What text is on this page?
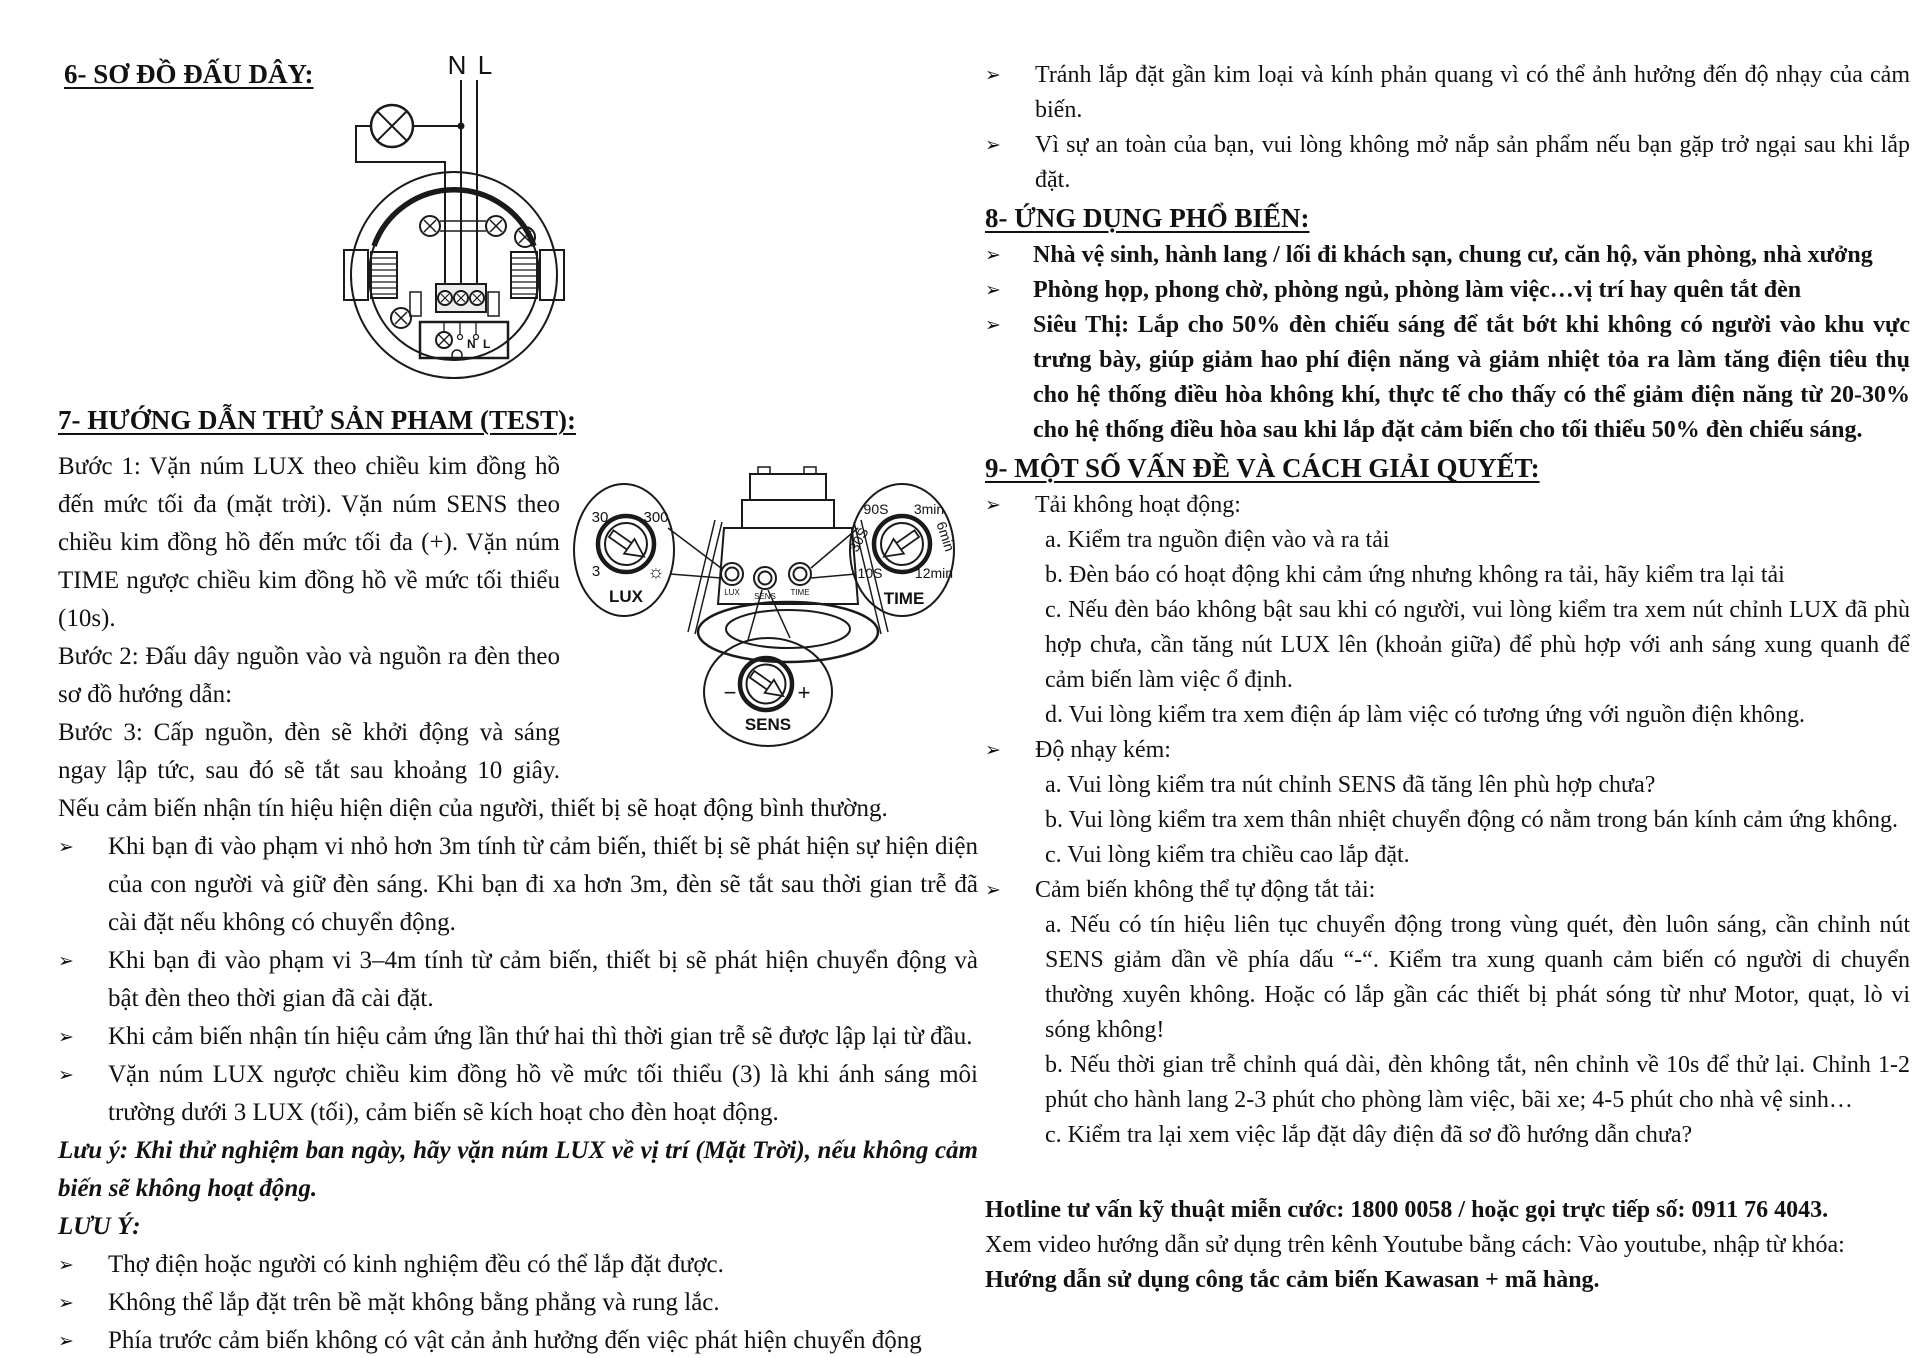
6- SƠ ĐỒ ĐẤU DÂY:	N L
N L
7- HƯỚNG DẪN THỬ SẢN PHAM (TEST):
LUX SENS TIME
30 300
3 ☼
LUX
90S 3min
30S	6min
10S 12min
TIME
−	+
SENS

Bước 1: Vặn núm LUX theo chiều kim đồng hồ đến mức tối đa (mặt trời). Vặn núm SENS theo chiều kim đồng hồ đến mức tối đa (+). Vặn núm TIME ngược chiều kim đồng hồ về mức tối thiểu (10s).

Bước 2: Đấu dây nguồn vào và nguồn ra đèn theo sơ đồ hướng dẫn:

Bước 3: Cấp nguồn, đèn sẽ khởi động và sáng ngay lập tức, sau đó sẽ tắt sau khoảng 10 giây. Nếu cảm biến nhận tín hiệu hiện diện của người, thiết bị sẽ hoạt động bình thường.

➢ Khi bạn đi vào phạm vi nhỏ hơn 3m tính từ cảm biến, thiết bị sẽ phát hiện sự hiện diện của con người và giữ đèn sáng. Khi bạn đi xa hơn 3m, đèn sẽ tắt sau thời gian trễ đã cài đặt nếu không có chuyển động.
➢ Khi bạn đi vào phạm vi 3–4m tính từ cảm biến, thiết bị sẽ phát hiện chuyển động và bật đèn theo thời gian đã cài đặt.
➢ Khi cảm biến nhận tín hiệu cảm ứng lần thứ hai thì thời gian trễ sẽ được lập lại từ đầu.
➢ Vặn núm LUX ngược chiều kim đồng hồ về mức tối thiểu (3) là khi ánh sáng môi trường dưới 3 LUX (tối), cảm biến sẽ kích hoạt cho đèn hoạt động.

Lưu ý: Khi thử nghiệm ban ngày, hãy vặn núm LUX về vị trí (Mặt Trời), nếu không cảm biến sẽ không hoạt động.

LƯU Ý:

➢ Thợ điện hoặc người có kinh nghiệm đều có thể lắp đặt được.
➢ Không thể lắp đặt trên bề mặt không bằng phẳng và rung lắc.
➢ Phía trước cảm biến không có vật cản ảnh hưởng đến việc phát hiện chuyển động
➢ Tránh lắp đặt gần kim loại và kính phản quang vì có thể ảnh hưởng đến độ nhạy của cảm biến.
➢ Vì sự an toàn của bạn, vui lòng không mở nắp sản phẩm nếu bạn gặp trở ngại sau khi lắp đặt.
8- ỨNG DỤNG PHỔ BIẾN:
➢ Nhà vệ sinh, hành lang / lối đi khách sạn, chung cư, căn hộ, văn phòng, nhà xưởng
➢ Phòng họp, phong chờ, phòng ngủ, phòng làm việc…vị trí hay quên tắt đèn
➢ Siêu Thị: Lắp cho 50% đèn chiếu sáng để tắt bớt khi không có người vào khu vực trưng bày, giúp giảm hao phí điện năng và giảm nhiệt tỏa ra làm tăng điện tiêu thụ cho hệ thống điều hòa không khí, thực tế cho thấy có thể giảm điện năng từ 20-30% cho hệ thống điều hòa sau khi lắp đặt cảm biến cho tối thiểu 50% đèn chiếu sáng.
9- MỘT SỐ VẤN ĐỀ VÀ CÁCH GIẢI QUYẾT:
➢ Tải không hoạt động:

a. Kiểm tra nguồn điện vào và ra tải

b. Đèn báo có hoạt động khi cảm ứng nhưng không ra tải, hãy kiểm tra lại tải

c. Nếu đèn báo không bật sau khi có người, vui lòng kiểm tra xem nút chỉnh LUX đã phù hợp chưa, cần tăng nút LUX lên (khoản giữa) để phù hợp với anh sáng xung quanh để cảm biến làm việc ổ định.

d. Vui lòng kiểm tra xem điện áp làm việc có tương ứng với nguồn điện không.

➢ Độ nhạy kém:

a. Vui lòng kiểm tra nút chỉnh SENS đã tăng lên phù hợp chưa?

b. Vui lòng kiểm tra xem thân nhiệt chuyển động có nằm trong bán kính cảm ứng không.

c. Vui lòng kiểm tra chiều cao lắp đặt.

➢ Cảm biến không thể tự động tắt tải:

a. Nếu có tín hiệu liên tục chuyển động trong vùng quét, đèn luôn sáng, cần chỉnh nút SENS giảm dần về phía dấu “-“. Kiểm tra xung quanh cảm biến có người di chuyển thường xuyên không. Hoặc có lắp gần các thiết bị phát sóng từ như Motor, quạt, lò vi sóng không!

b. Nếu thời gian trễ chỉnh quá dài, đèn không tắt, nên chỉnh về 10s để thử lại. Chỉnh 1-2 phút cho hành lang 2-3 phút cho phòng làm việc, bãi xe; 4-5 phút cho nhà vệ sinh…

c. Kiểm tra lại xem việc lắp đặt dây điện đã sơ đồ hướng dẫn chưa?

Hotline tư vấn kỹ thuật miễn cước: 1800 0058 / hoặc gọi trực tiếp số: 0911 76 4043.

Xem video hướng dẫn sử dụng trên kênh Youtube bằng cách: Vào youtube, nhập từ khóa:

Hướng dẫn sử dụng công tắc cảm biến Kawasan + mã hàng.
